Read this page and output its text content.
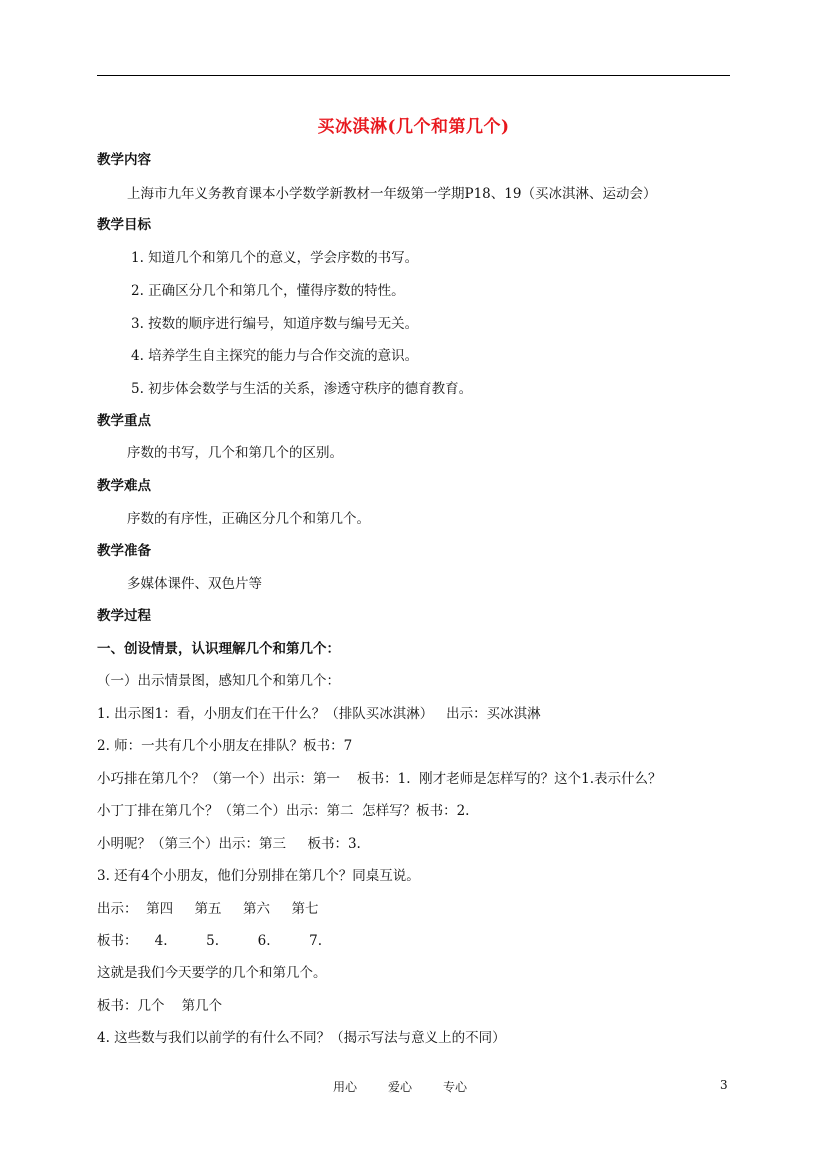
买冰淇淋(几个和第几个)
教学内容
上海市九年义务教育课本小学数学新教材一年级第一学期P18、19（买冰淇淋、运动会）
教学目标
1. 知道几个和第几个的意义，学会序数的书写。
2. 正确区分几个和第几个，懂得序数的特性。
3. 按数的顺序进行编号，知道序数与编号无关。
4. 培养学生自主探究的能力与合作交流的意识。
5. 初步体会数学与生活的关系，渗透守秩序的德育教育。
教学重点
序数的书写，几个和第几个的区别。
教学难点
序数的有序性，正确区分几个和第几个。
教学准备
多媒体课件、双色片等
教学过程
一、创设情景，认识理解几个和第几个：
（一）出示情景图，感知几个和第几个：
1. 出示图1：看，小朋友们在干什么？（排队买冰淇淋）   出示：买冰淇淋
2. 师：一共有几个小朋友在排队？板书：7
小巧排在第几个？（第一个）出示：第一    板书：1.  刚才老师是怎样写的？这个1.表示什么？
小丁丁排在第几个？（第二个）出示：第二  怎样写？板书：2.
小明呢？（第三个）出示：第三     板书：3.
3. 还有4个小朋友，他们分别排在第几个？同桌互说。
出示：  第四     第五     第六     第七
板书：    4.         5.         6.         7.
这就是我们今天要学的几个和第几个。
板书：几个    第几个
4. 这些数与我们以前学的有什么不同？（揭示写法与意义上的不同）
用心	爱心	专心	3
